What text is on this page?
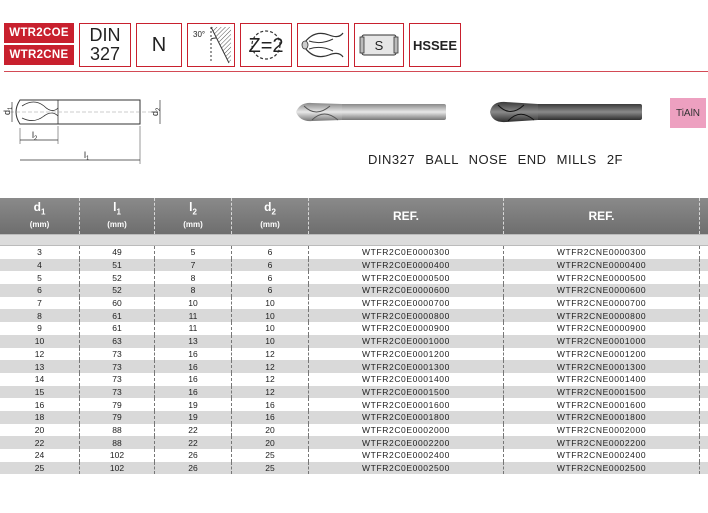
WTR2COE
WTR2CNE
DIN
327 N	30°
Z=2	S HSSEE
$d_1$
$d_2$
$l_2$
$l_1$
TiAlN
DIN327 BALL NOSE END MILLS 2F
$d_1$
(mm)
$l_1$
(mm)
$l_2$
(mm)
$d_2$
(mm)
REF.	REF.
3	49	5	6	WTFR2C0E0000300	WTFR2CNE0000300
4	51	7	6	WTFR2C0E0000400	WTFR2CNE0000400
5	52	8	6	WTFR2C0E0000500	WTFR2CNE0000500
6	52	8	6	WTFR2C0E0000600	WTFR2CNE0000600
7	60	10	10	WTFR2C0E0000700	WTFR2CNE0000700
8	61	11	10	WTFR2C0E0000800	WTFR2CNE0000800
9	61	11	10	WTFR2C0E0000900	WTFR2CNE0000900
10	63	13	10	WTFR2C0E0001000	WTFR2CNE0001000
12	73	16	12	WTFR2C0E0001200	WTFR2CNE0001200
13	73	16	12	WTFR2C0E0001300	WTFR2CNE0001300
14	73	16	12	WTFR2C0E0001400	WTFR2CNE0001400
15	73	16	12	WTFR2C0E0001500	WTFR2CNE0001500
16	79	19	16	WTFR2C0E0001600	WTFR2CNE0001600
18	79	19	16	WTFR2C0E0001800	WTFR2CNE0001800
20	88	22	20	WTFR2C0E0002000	WTFR2CNE0002000
22	88	22	20	WTFR2C0E0002200	WTFR2CNE0002200
24	102	26	25	WTFR2C0E0002400	WTFR2CNE0002400
25	102	26	25	WTFR2C0E0002500	WTFR2CNE0002500
